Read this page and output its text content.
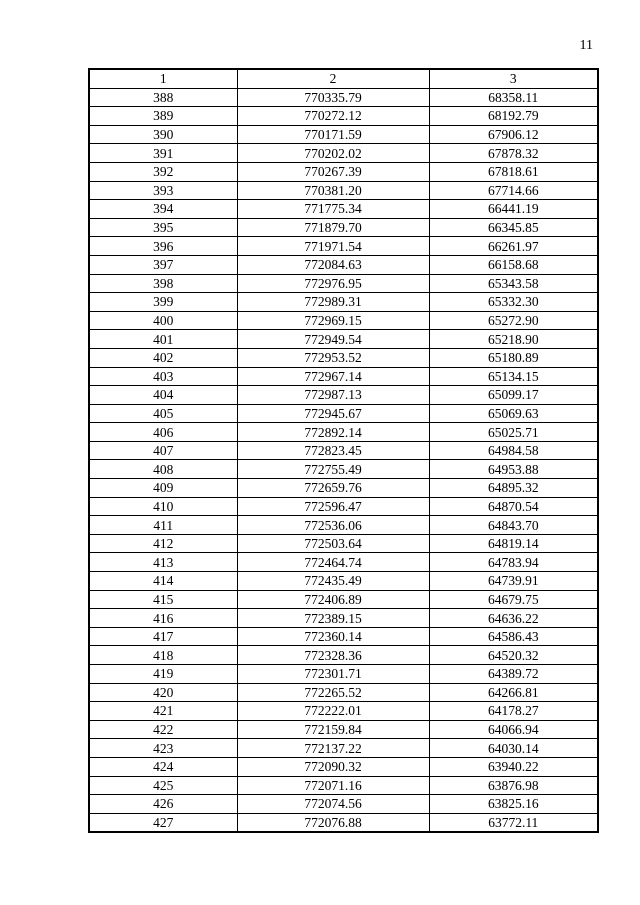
11
1	2	3
388	770335.79	68358.11
389	770272.12	68192.79
390	770171.59	67906.12
391	770202.02	67878.32
392	770267.39	67818.61
393	770381.20	67714.66
394	771775.34	66441.19
395	771879.70	66345.85
396	771971.54	66261.97
397	772084.63	66158.68
398	772976.95	65343.58
399	772989.31	65332.30
400	772969.15	65272.90
401	772949.54	65218.90
402	772953.52	65180.89
403	772967.14	65134.15
404	772987.13	65099.17
405	772945.67	65069.63
406	772892.14	65025.71
407	772823.45	64984.58
408	772755.49	64953.88
409	772659.76	64895.32
410	772596.47	64870.54
411	772536.06	64843.70
412	772503.64	64819.14
413	772464.74	64783.94
414	772435.49	64739.91
415	772406.89	64679.75
416	772389.15	64636.22
417	772360.14	64586.43
418	772328.36	64520.32
419	772301.71	64389.72
420	772265.52	64266.81
421	772222.01	64178.27
422	772159.84	64066.94
423	772137.22	64030.14
424	772090.32	63940.22
425	772071.16	63876.98
426	772074.56	63825.16
427	772076.88	63772.11
